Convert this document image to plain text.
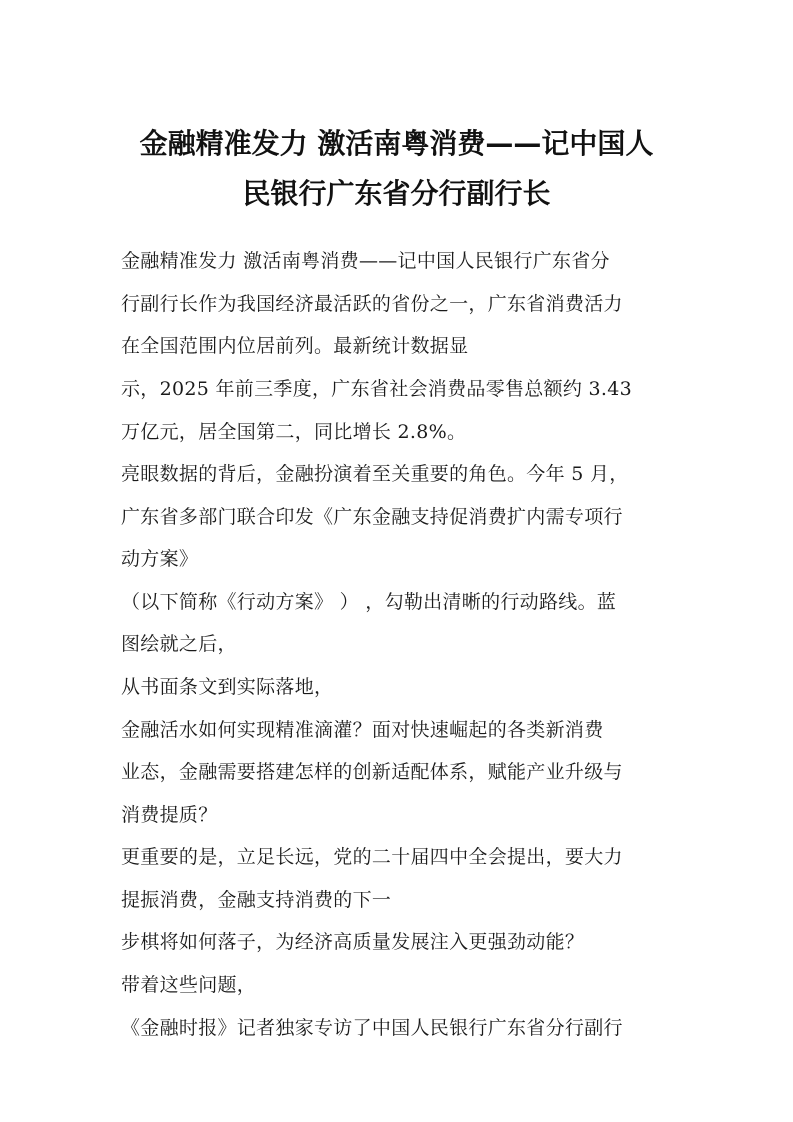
金融精准发力 激活南粤消费——记中国人
民银行广东省分行副行长
金融精准发力 激活南粤消费——记中国人民银行广东省分
行副行长作为我国经济最活跃的省份之一，广东省消费活力
在全国范围内位居前列。最新统计数据显
示，2025 年前三季度，广东省社会消费品零售总额约 3.43
万亿元，居全国第二，同比增长 2.8%。
亮眼数据的背后，金融扮演着至关重要的角色。今年 5 月，
广东省多部门联合印发《广东金融支持促消费扩内需专项行
动方案》
（以下简称《行动方案》 ） ，勾勒出清晰的行动路线。蓝
图绘就之后，
从书面条文到实际落地，
金融活水如何实现精准滴灌？面对快速崛起的各类新消费
业态，金融需要搭建怎样的创新适配体系，赋能产业升级与
消费提质？
更重要的是，立足长远，党的二十届四中全会提出，要大力
提振消费，金融支持消费的下一
步棋将如何落子，为经济高质量发展注入更强劲动能？
带着这些问题，
《金融时报》记者独家专访了中国人民银行广东省分行副行
